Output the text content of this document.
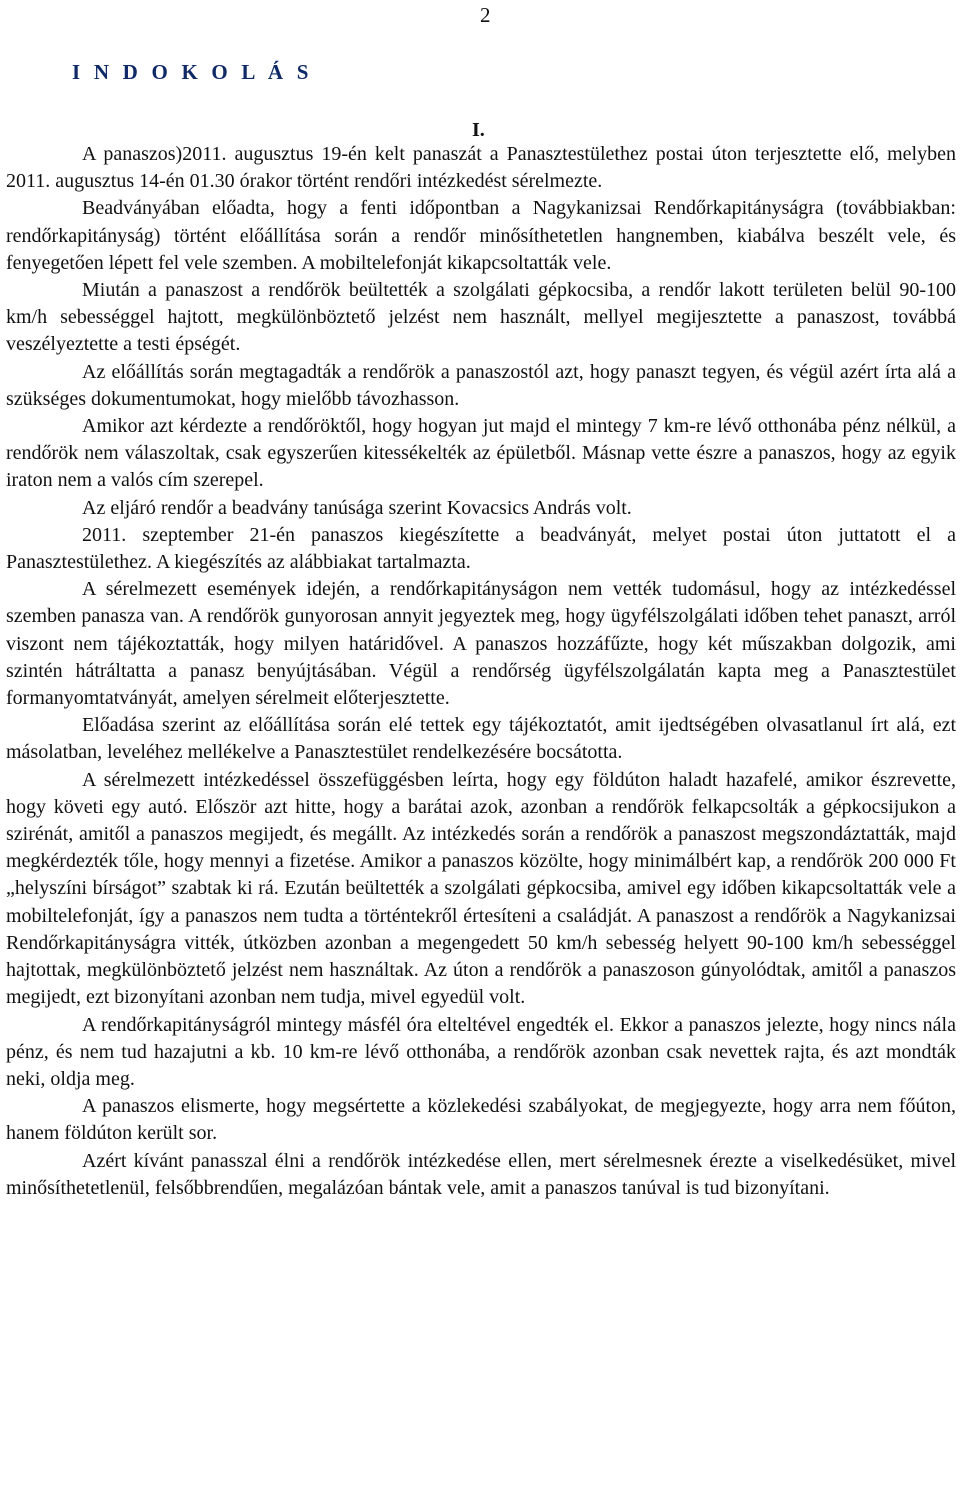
2
I N D O K O L Á S
I.

A panaszos)2011. augusztus 19-én kelt panaszát a Panasztestülethez postai úton terjesztette elő, melyben 2011. augusztus 14-én 01.30 órakor történt rendőri intézkedést sérelmezte.

Beadványában előadta, hogy a fenti időpontban a Nagykanizsai Rendőrkapitányságra (továbbiakban: rendőrkapitányság) történt előállítása során a rendőr minősíthetetlen hangnemben, kiabálva beszélt vele, és fenyegetően lépett fel vele szemben. A mobiltelefonját kikapcsoltatták vele.

Miután a panaszost a rendőrök beültették a szolgálati gépkocsiba, a rendőr lakott területen belül 90-100 km/h sebességgel hajtott, megkülönböztető jelzést nem használt, mellyel megijesztette a panaszost, továbbá veszélyeztette a testi épségét.

Az előállítás során megtagadták a rendőrök a panaszostól azt, hogy panaszt tegyen, és végül azért írta alá a szükséges dokumentumokat, hogy mielőbb távozhasson.

Amikor azt kérdezte a rendőröktől, hogy hogyan jut majd el mintegy 7 km-re lévő otthonába pénz nélkül, a rendőrök nem válaszoltak, csak egyszerűen kitessékelték az épületből. Másnap vette észre a panaszos, hogy az egyik iraton nem a valós cím szerepel.

Az eljáró rendőr a beadvány tanúsága szerint Kovacsics András volt.

2011. szeptember 21-én panaszos kiegészítette a beadványát, melyet postai úton juttatott el a Panasztestülethez. A kiegészítés az alábbiakat tartalmazta.

A sérelmezett események idején, a rendőrkapitányságon nem vették tudomásul, hogy az intézkedéssel szemben panasza van. A rendőrök gunyorosan annyit jegyeztek meg, hogy ügyfélszolgálati időben tehet panaszt, arról viszont nem tájékoztatták, hogy milyen határidővel. A panaszos hozzáfűzte, hogy két műszakban dolgozik, ami szintén hátráltatta a panasz benyújtásában. Végül a rendőrség ügyfélszolgálatán kapta meg a Panasztestület formanyomtatványát, amelyen sérelmeit előterjesztette.

Előadása szerint az előállítása során elé tettek egy tájékoztatót, amit ijedtségében olvasatlanul írt alá, ezt másolatban, leveléhez mellékelve a Panasztestület rendelkezésére bocsátotta.

A sérelmezett intézkedéssel összefüggésben leírta, hogy egy földúton haladt hazafelé, amikor észrevette, hogy követi egy autó. Először azt hitte, hogy a barátai azok, azonban a rendőrök felkapcsolták a gépkocsijukon a szirénát, amitől a panaszos megijedt, és megállt. Az intézkedés során a rendőrök a panaszost megszondáztatták, majd megkérdezték tőle, hogy mennyi a fizetése. Amikor a panaszos közölte, hogy minimálbért kap, a rendőrök 200 000 Ft „helyszíni bírságot” szabtak ki rá. Ezután beültették a szolgálati gépkocsiba, amivel egy időben kikapcsoltatták vele a mobiltelefonját, így a panaszos nem tudta a történtekről értesíteni a családját. A panaszost a rendőrök a Nagykanizsai Rendőrkapitányságra vitték, útközben azonban a megengedett 50 km/h sebesség helyett 90-100 km/h sebességgel hajtottak, megkülönböztető jelzést nem használtak. Az úton a rendőrök a panaszoson gúnyolódtak, amitől a panaszos megijedt, ezt bizonyítani azonban nem tudja, mivel egyedül volt.

A rendőrkapitányságról mintegy másfél óra elteltével engedték el. Ekkor a panaszos jelezte, hogy nincs nála pénz, és nem tud hazajutni a kb. 10 km-re lévő otthonába, a rendőrök azonban csak nevettek rajta, és azt mondták neki, oldja meg.

A panaszos elismerte, hogy megsértette a közlekedési szabályokat, de megjegyezte, hogy arra nem főúton, hanem földúton került sor.

Azért kívánt panasszal élni a rendőrök intézkedése ellen, mert sérelmesnek érezte a viselkedésüket, mivel minősíthetetlenül, felsőbbrendűen, megalázóan bántak vele, amit a panaszos tanúval is tud bizonyítani.
